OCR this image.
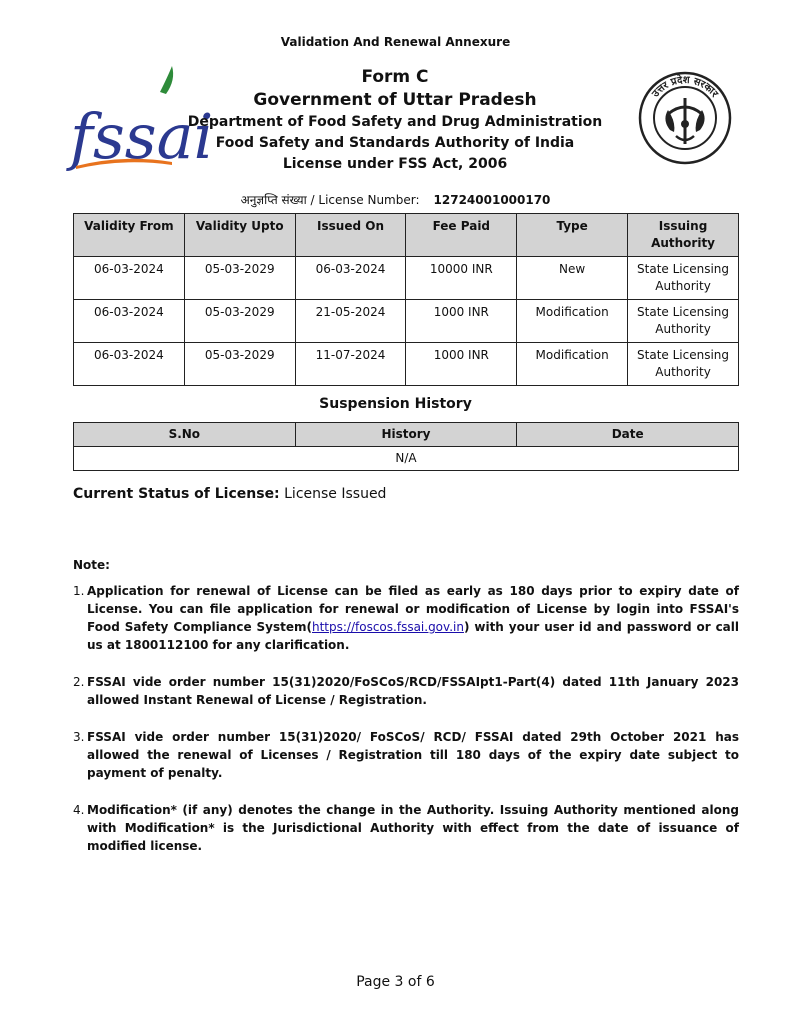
Validation And Renewal Annexure
fssai
उत्तर प्रदेश सरकार
Form C
Government of Uttar Pradesh
Department of Food Safety and Drug Administration
Food Safety and Standards Authority of India
License under FSS Act, 2006
अनुज्ञप्ति संख्या / License Number: 12724001000170
Validity From	Validity Upto	Issued On	Fee Paid	Type	Issuing Authority
06-03-2024	05-03-2029	06-03-2024	10000 INR	New	State Licensing Authority
06-03-2024	05-03-2029	21-05-2024	1000 INR	Modification	State Licensing Authority
06-03-2024	05-03-2029	11-07-2024	1000 INR	Modification	State Licensing Authority
Suspension History
S.No	History	Date
N/A
Current Status of License: License Issued
Note:
1. Application for renewal of License can be filed as early as 180 days prior to expiry date of License. You can file application for renewal or modification of License by login into FSSAI's Food Safety Compliance System(https://foscos.fssai.gov.in) with your user id and password or call us at 1800112100 for any clarification.
2. FSSAI vide order number 15(31)2020/FoSCoS/RCD/FSSAIpt1-Part(4) dated 11th January 2023 allowed Instant Renewal of License / Registration.
3. FSSAI vide order number 15(31)2020/ FoSCoS/ RCD/ FSSAI dated 29th October 2021 has allowed the renewal of Licenses / Registration till 180 days of the expiry date subject to payment of penalty.
4. Modification* (if any) denotes the change in the Authority. Issuing Authority mentioned along with Modification* is the Jurisdictional Authority with effect from the date of issuance of modified license.
Page 3 of 6
